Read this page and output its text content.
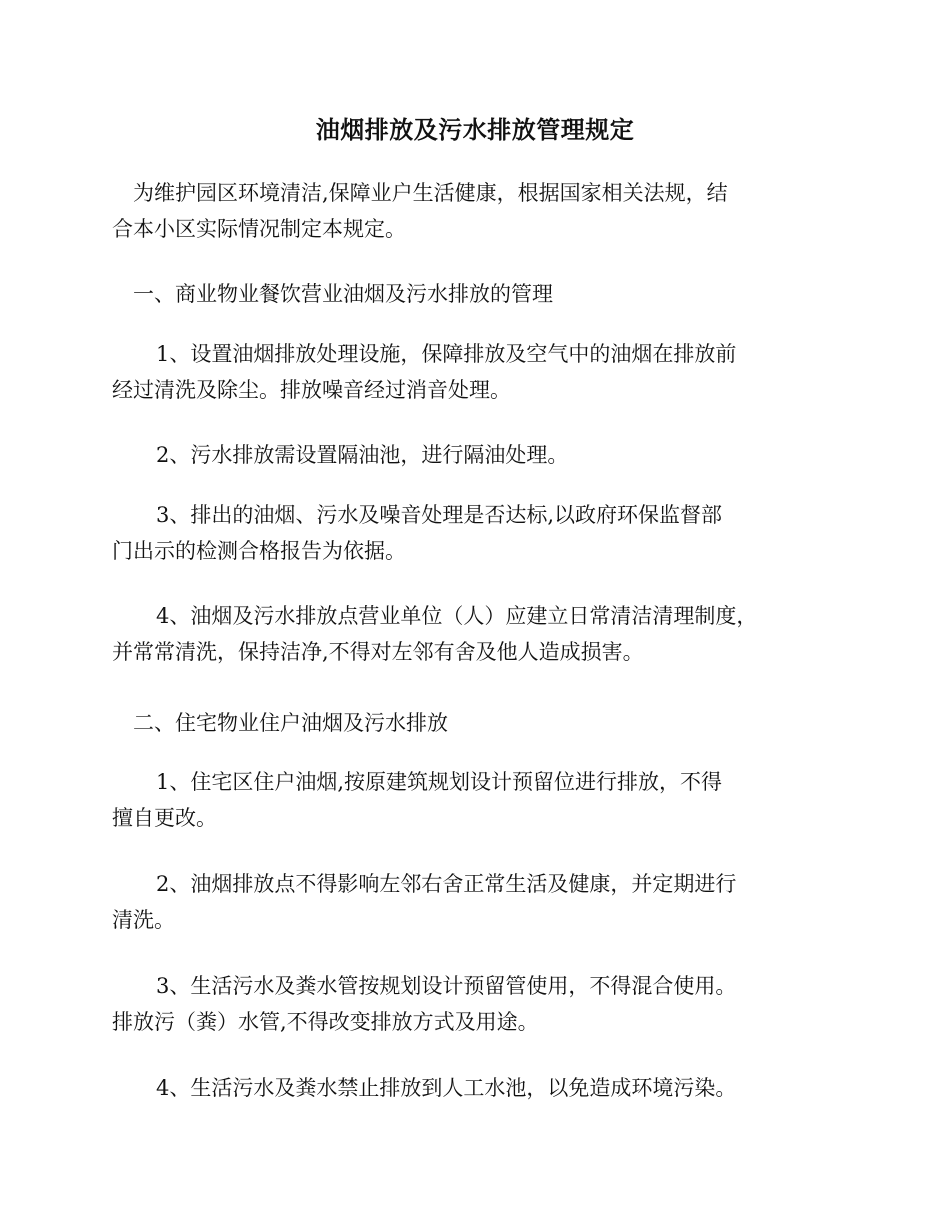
油烟排放及污水排放管理规定

为维护园区环境清洁,保障业户生活健康，根据国家相关法规，结
合本小区实际情况制定本规定。

一、商业物业餐饮营业油烟及污水排放的管理

1、设置油烟排放处理设施，保障排放及空气中的油烟在排放前
经过清洗及除尘。排放噪音经过消音处理。

2、污水排放需设置隔油池，进行隔油处理。

3、排出的油烟、污水及噪音处理是否达标,以政府环保监督部
门出示的检测合格报告为依据。

4、油烟及污水排放点营业单位（人）应建立日常清洁清理制度，
并常常清洗，保持洁净,不得对左邻有舍及他人造成损害。

二、住宅物业住户油烟及污水排放

1、住宅区住户油烟,按原建筑规划设计预留位进行排放，不得
擅自更改。

2、油烟排放点不得影响左邻右舍正常生活及健康，并定期进行
清洗。

3、生活污水及粪水管按规划设计预留管使用，不得混合使用。
排放污（粪）水管,不得改变排放方式及用途。

4、生活污水及粪水禁止排放到人工水池，以免造成环境污染。
